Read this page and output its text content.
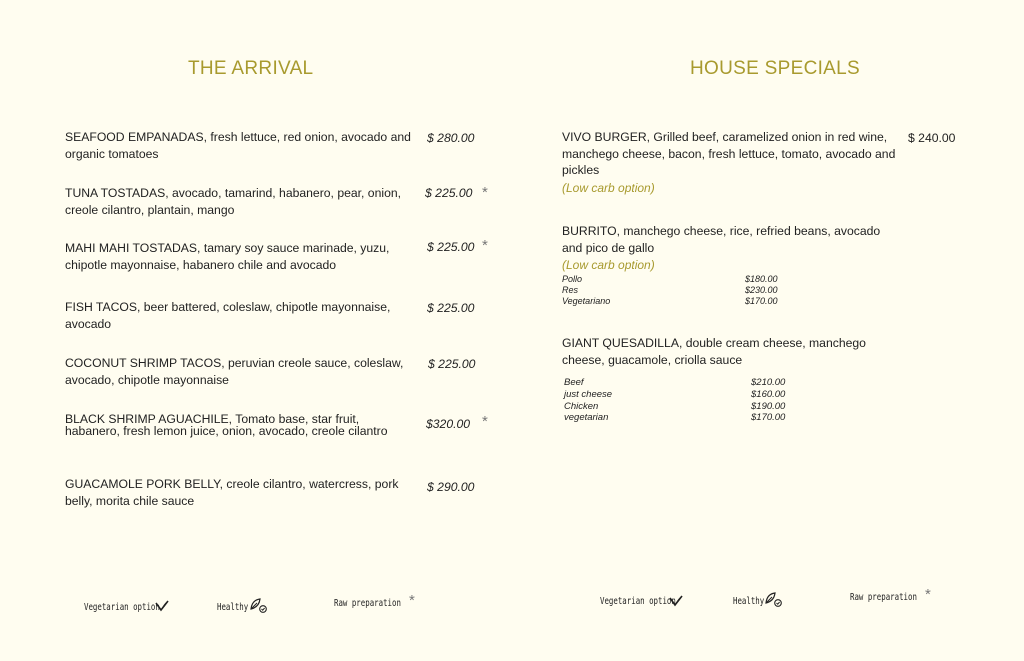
THE ARRIVAL
SEAFOOD EMPANADAS, fresh lettuce, red onion, avocado and organic tomatoes
$ 280.00
TUNA TOSTADAS, avocado, tamarind, habanero, pear, onion, creole cilantro, plantain, mango
$ 225.00 *
MAHI MAHI TOSTADAS, tamary soy sauce marinade, yuzu, chipotle mayonnaise, habanero chile and avocado
$ 225.00 *
FISH TACOS, beer battered, coleslaw, chipotle mayonnaise, avocado
$ 225.00
COCONUT SHRIMP TACOS, peruvian creole sauce, coleslaw, avocado, chipotle mayonnaise
$ 225.00
BLACK SHRIMP AGUACHILE, Tomato base, star fruit, habanero, fresh lemon juice, onion, avocado, creole cilantro	$320.00 *
GUACAMOLE PORK BELLY, creole cilantro, watercress, pork belly, morita chile sauce
$ 290.00
Vegetarian option	Healthy	Raw preparation *
HOUSE SPECIALS
VIVO BURGER, Grilled beef, caramelized onion in red wine, manchego cheese, bacon, fresh lettuce, tomato, avocado and pickles
(Low carb option)
$ 240.00
BURRITO, manchego cheese, rice, refried beans, avocado and pico de gallo
(Low carb option)
Pollo	$180.00
Res	$230.00
Vegetariano	$170.00
GIANT QUESADILLA, double cream cheese, manchego cheese, guacamole, criolla sauce
Beef	$210.00
just cheese	$160.00
Chicken	$190.00
vegetarian	$170.00
Vegetarian option	Healthy	Raw preparation *
